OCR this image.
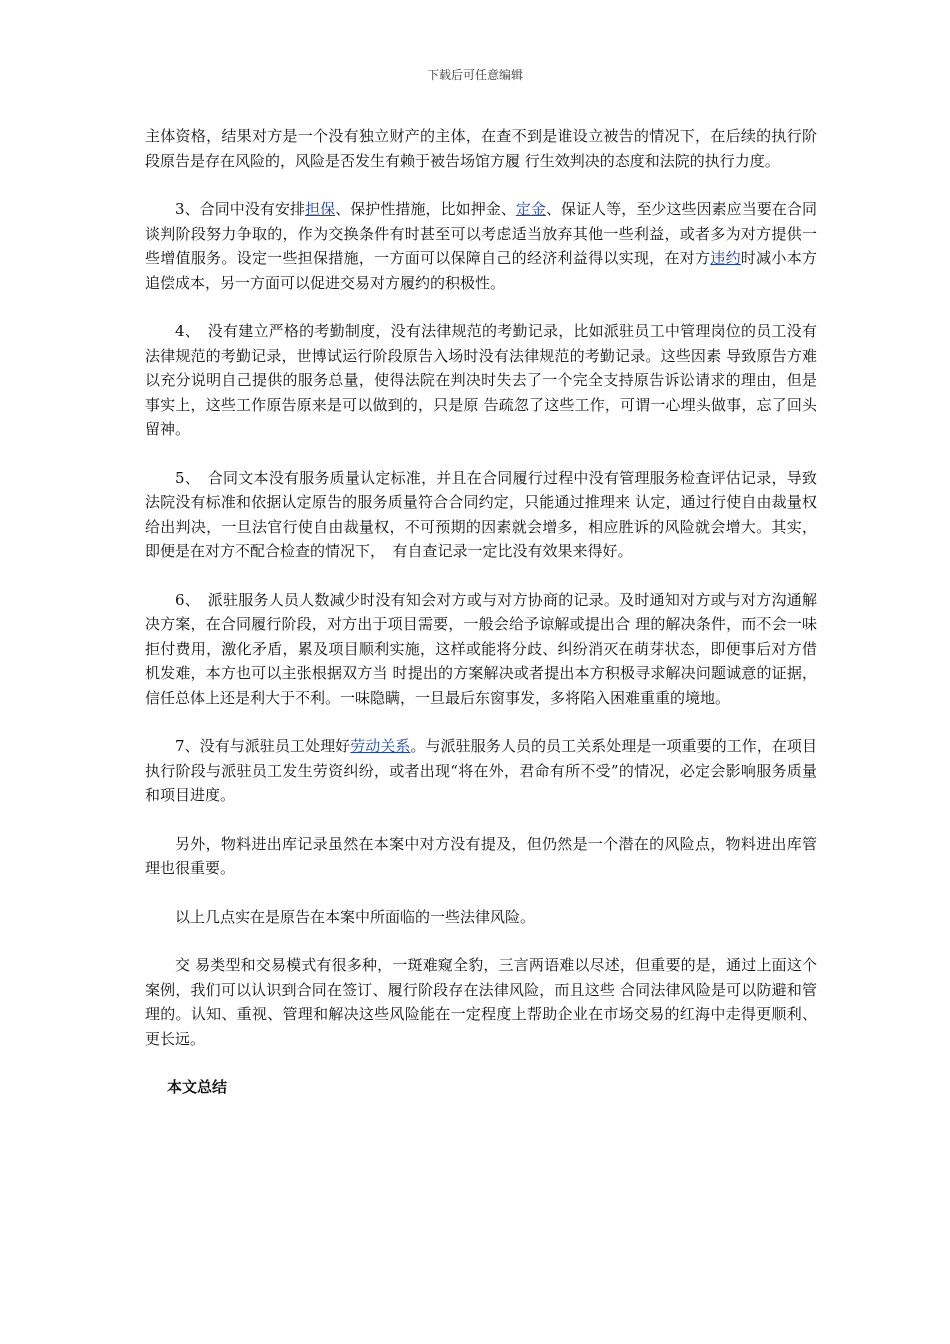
下载后可任意编辑

主体资格，结果对方是一个没有独立财产的主体，在查不到是谁设立被告的情况下，在后续的执行阶段原告是存在风险的，风险是否发生有赖于被告场馆方履 行生效判决的态度和法院的执行力度。

3、合同中没有安排担保、保护性措施，比如押金、定金、保证人等，至少这些因素应当要在合同谈判阶段努力争取的，作为交换条件有时甚至可以考虑适当放弃其他一些利益，或者多为对方提供一些增值服务。设定一些担保措施，一方面可以保障自己的经济利益得以实现，在对方违约时减小本方追偿成本，另一方面可以促进交易对方履约的积极性。

4、　没有建立严格的考勤制度，没有法律规范的考勤记录，比如派驻员工中管理岗位的员工没有法律规范的考勤记录，世博试运行阶段原告入场时没有法律规范的考勤记录。这些因素 导致原告方难以充分说明自己提供的服务总量，使得法院在判决时失去了一个完全支持原告诉讼请求的理由，但是事实上，这些工作原告原来是可以做到的，只是原 告疏忽了这些工作，可谓一心埋头做事，忘了回头留神。

5、　合同文本没有服务质量认定标准，并且在合同履行过程中没有管理服务检查评估记录，导致法院没有标准和依据认定原告的服务质量符合合同约定，只能通过推理来 认定，通过行使自由裁量权给出判决，一旦法官行使自由裁量权，不可预期的因素就会增多，相应胜诉的风险就会增大。其实，即便是在对方不配合检查的情况下，　有自查记录一定比没有效果来得好。

6、　派驻服务人员人数减少时没有知会对方或与对方协商的记录。及时通知对方或与对方沟通解决方案，在合同履行阶段，对方出于项目需要，一般会给予谅解或提出合 理的解决条件，而不会一味拒付费用，激化矛盾，累及项目顺利实施，这样或能将分歧、纠纷消灭在萌芽状态，即便事后对方借机发难，本方也可以主张根据双方当 时提出的方案解决或者提出本方积极寻求解决问题诚意的证据，信任总体上还是利大于不利。一味隐瞒，一旦最后东窗事发，多将陷入困难重重的境地。

7、没有与派驻员工处理好劳动关系。与派驻服务人员的员工关系处理是一项重要的工作，在项目执行阶段与派驻员工发生劳资纠纷，或者出现“将在外，君命有所不受”的情况，必定会影响服务质量和项目进度。

另外，物料进出库记录虽然在本案中对方没有提及，但仍然是一个潜在的风险点，物料进出库管理也很重要。

以上几点实在是原告在本案中所面临的一些法律风险。

交 易类型和交易模式有很多种，一斑难窥全豹，三言两语难以尽述，但重要的是，通过上面这个案例，我们可以认识到合同在签订、履行阶段存在法律风险，而且这些 合同法律风险是可以防避和管理的。认知、重视、管理和解决这些风险能在一定程度上帮助企业在市场交易的红海中走得更顺利、更长远。

本文总结
